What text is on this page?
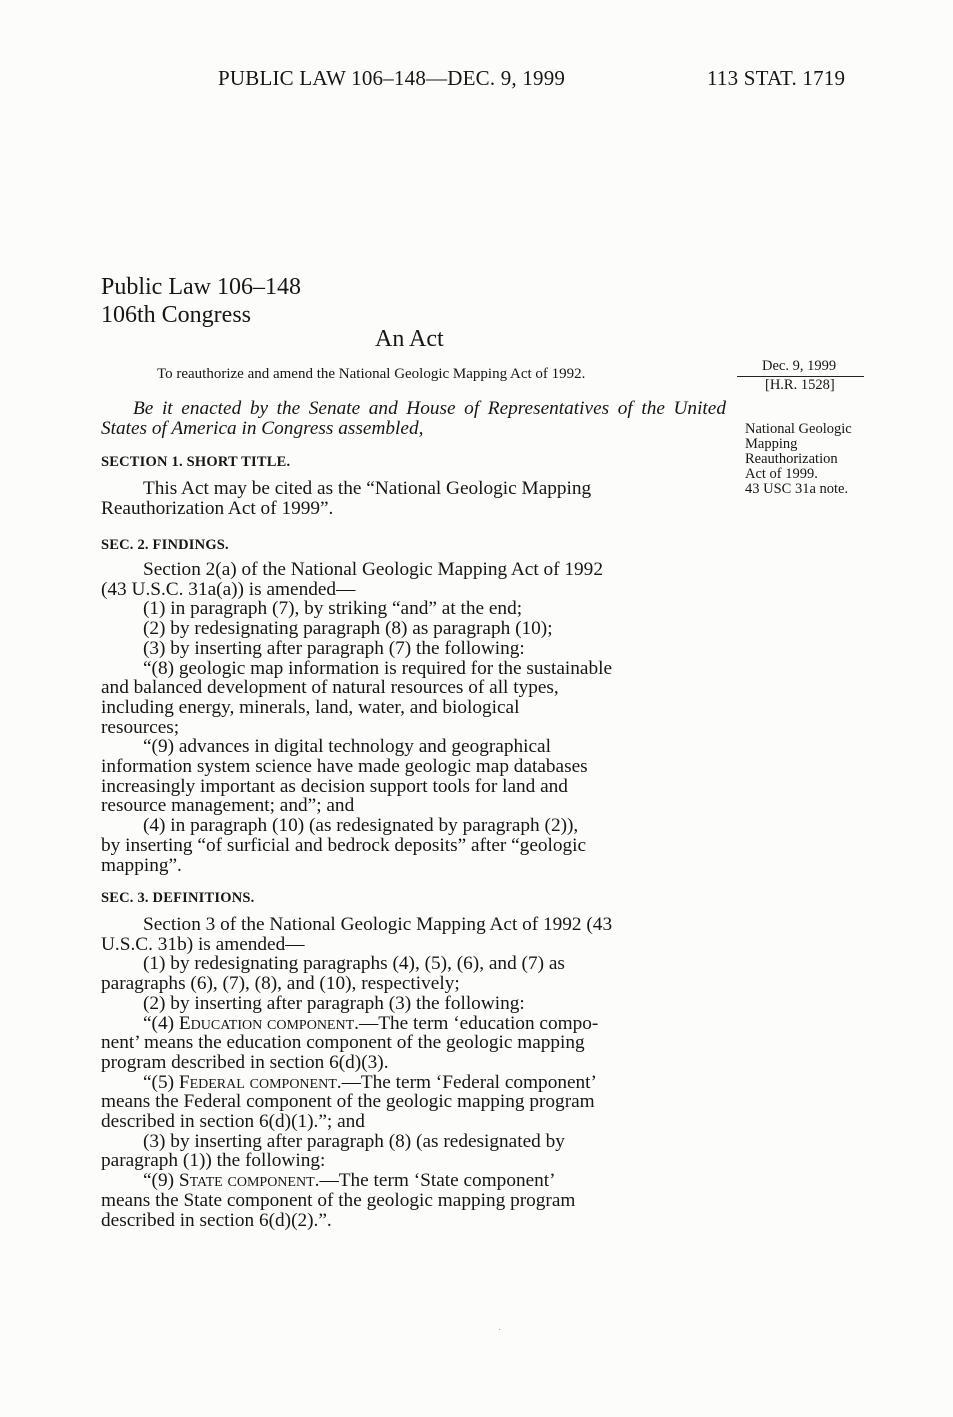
PUBLIC LAW 106–148—DEC. 9, 1999	113 STAT. 1719
Public Law 106–148
106th Congress
An Act
To reauthorize and amend the National Geologic Mapping Act of 1992.	Dec. 9, 1999
[H.R. 1528]
National Geologic
Mapping
Reauthorization
Act of 1999.
43 USC 31a note.

Be it enacted by the Senate and House of Representatives of the United States of America in Congress assembled,

SECTION 1. SHORT TITLE.

This Act may be cited as the “National Geologic Mapping

Reauthorization Act of 1999”.

SEC. 2. FINDINGS.

Section 2(a) of the National Geologic Mapping Act of 1992

(43 U.S.C. 31a(a)) is amended—

(1) in paragraph (7), by striking “and” at the end;

(2) by redesignating paragraph (8) as paragraph (10);

(3) by inserting after paragraph (7) the following:

“(8) geologic map information is required for the sustainable

and balanced development of natural resources of all types,

including energy, minerals, land, water, and biological

resources;

“(9) advances in digital technology and geographical

information system science have made geologic map databases

increasingly important as decision support tools for land and

resource management; and”; and

(4) in paragraph (10) (as redesignated by paragraph (2)),

by inserting “of surficial and bedrock deposits” after “geologic

mapping”.

SEC. 3. DEFINITIONS.

Section 3 of the National Geologic Mapping Act of 1992 (43

U.S.C. 31b) is amended—

(1) by redesignating paragraphs (4), (5), (6), and (7) as

paragraphs (6), (7), (8), and (10), respectively;

(2) by inserting after paragraph (3) the following:

“(4) Education component.—The term ‘education compo-

nent’ means the education component of the geologic mapping

program described in section 6(d)(3).

“(5) Federal component.—The term ‘Federal component’

means the Federal component of the geologic mapping program

described in section 6(d)(1).”; and

(3) by inserting after paragraph (8) (as redesignated by

paragraph (1)) the following:

“(9) State component.—The term ‘State component’

means the State component of the geologic mapping program

described in section 6(d)(2).”.

·
